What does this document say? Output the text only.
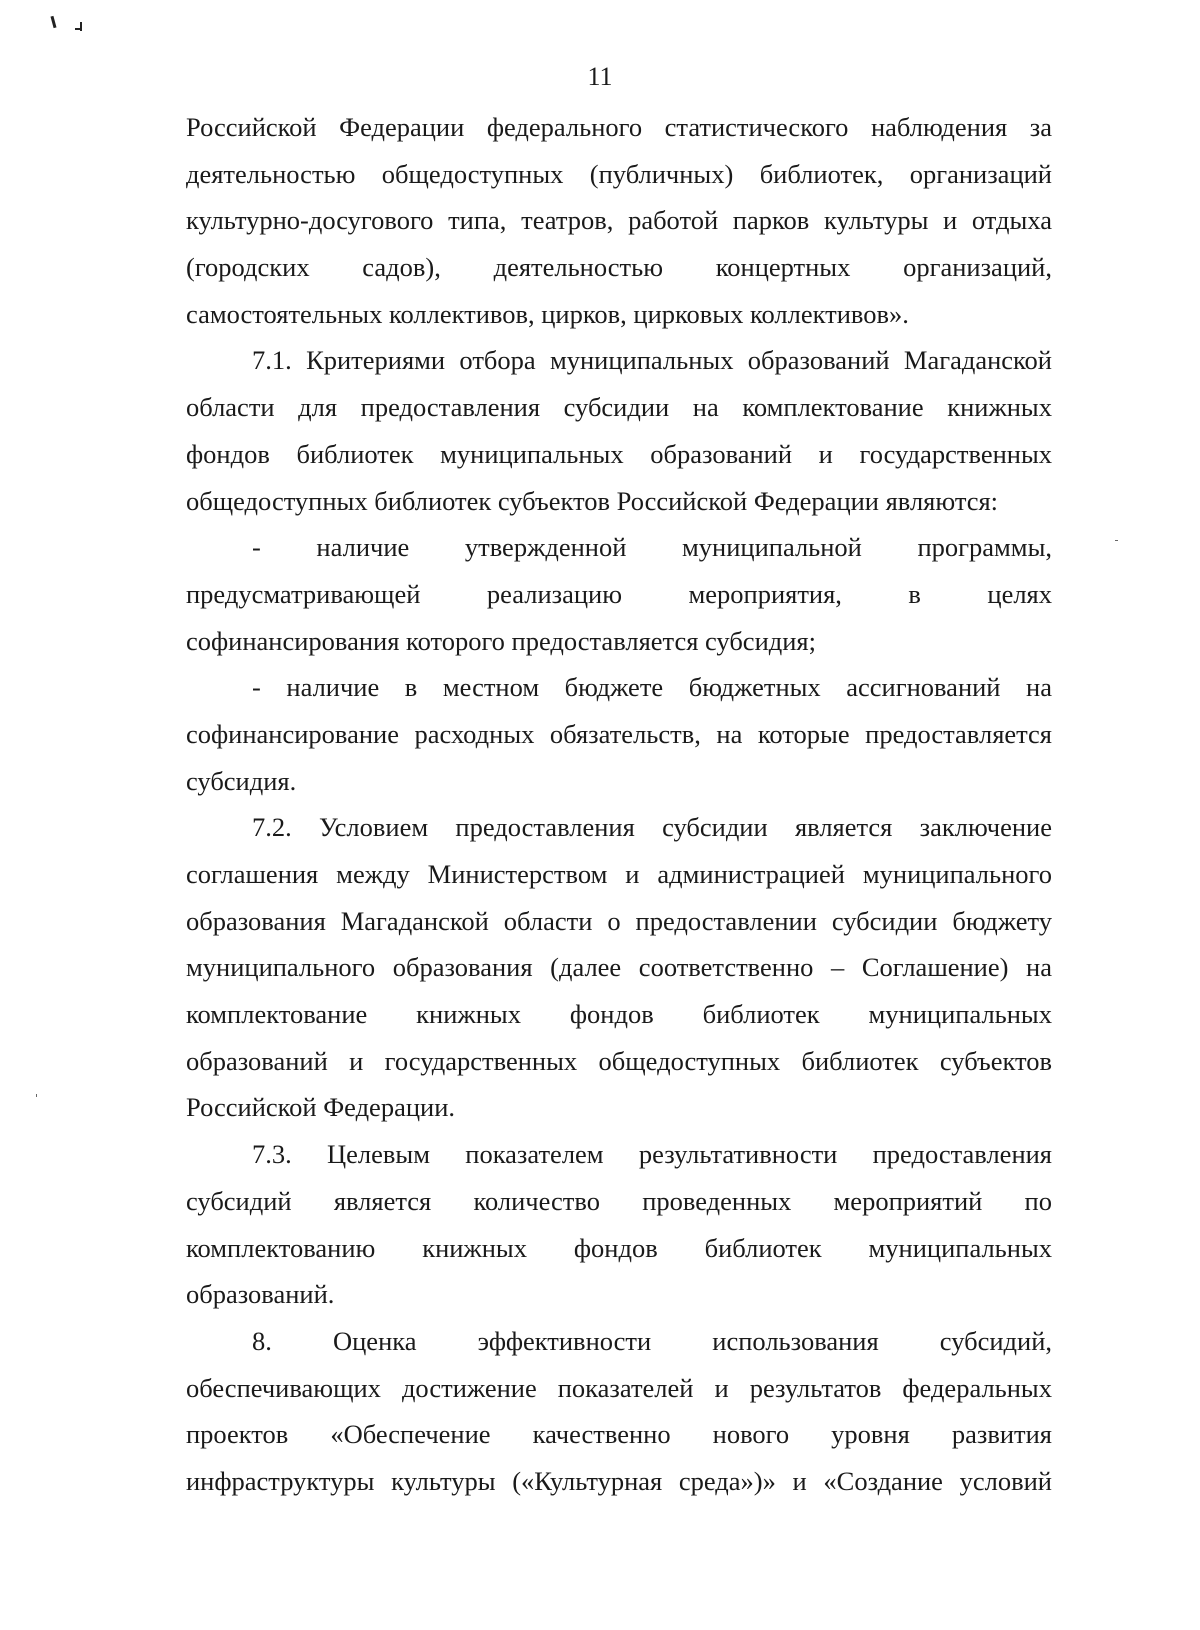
11
Российской Федерации федерального статистического наблюдения за
деятельностью общедоступных (публичных) библиотек, организаций
культурно-досугового типа, театров, работой парков культуры и отдыха
(городских садов), деятельностью концертных организаций,
самостоятельных коллективов, цирков, цирковых коллективов».
7.1. Критериями отбора муниципальных образований Магаданской
области для предоставления субсидии на комплектование книжных
фондов библиотек муниципальных образований и государственных
общедоступных библиотек субъектов Российской Федерации являются:
- наличие утвержденной муниципальной программы,
предусматривающей реализацию мероприятия, в целях
софинансирования которого предоставляется субсидия;
- наличие в местном бюджете бюджетных ассигнований на
софинансирование расходных обязательств, на которые предоставляется
субсидия.
7.2. Условием предоставления субсидии является заключение
соглашения между Министерством и администрацией муниципального
образования Магаданской области о предоставлении субсидии бюджету
муниципального образования (далее соответственно – Соглашение) на
комплектование книжных фондов библиотек муниципальных
образований и государственных общедоступных библиотек субъектов
Российской Федерации.
7.3. Целевым показателем результативности предоставления
субсидий является количество проведенных мероприятий по
комплектованию книжных фондов библиотек муниципальных
образований.
8. Оценка эффективности использования субсидий,
обеспечивающих достижение показателей и результатов федеральных
проектов «Обеспечение качественно нового уровня развития
инфраструктуры культуры («Культурная среда»)» и «Создание условий
